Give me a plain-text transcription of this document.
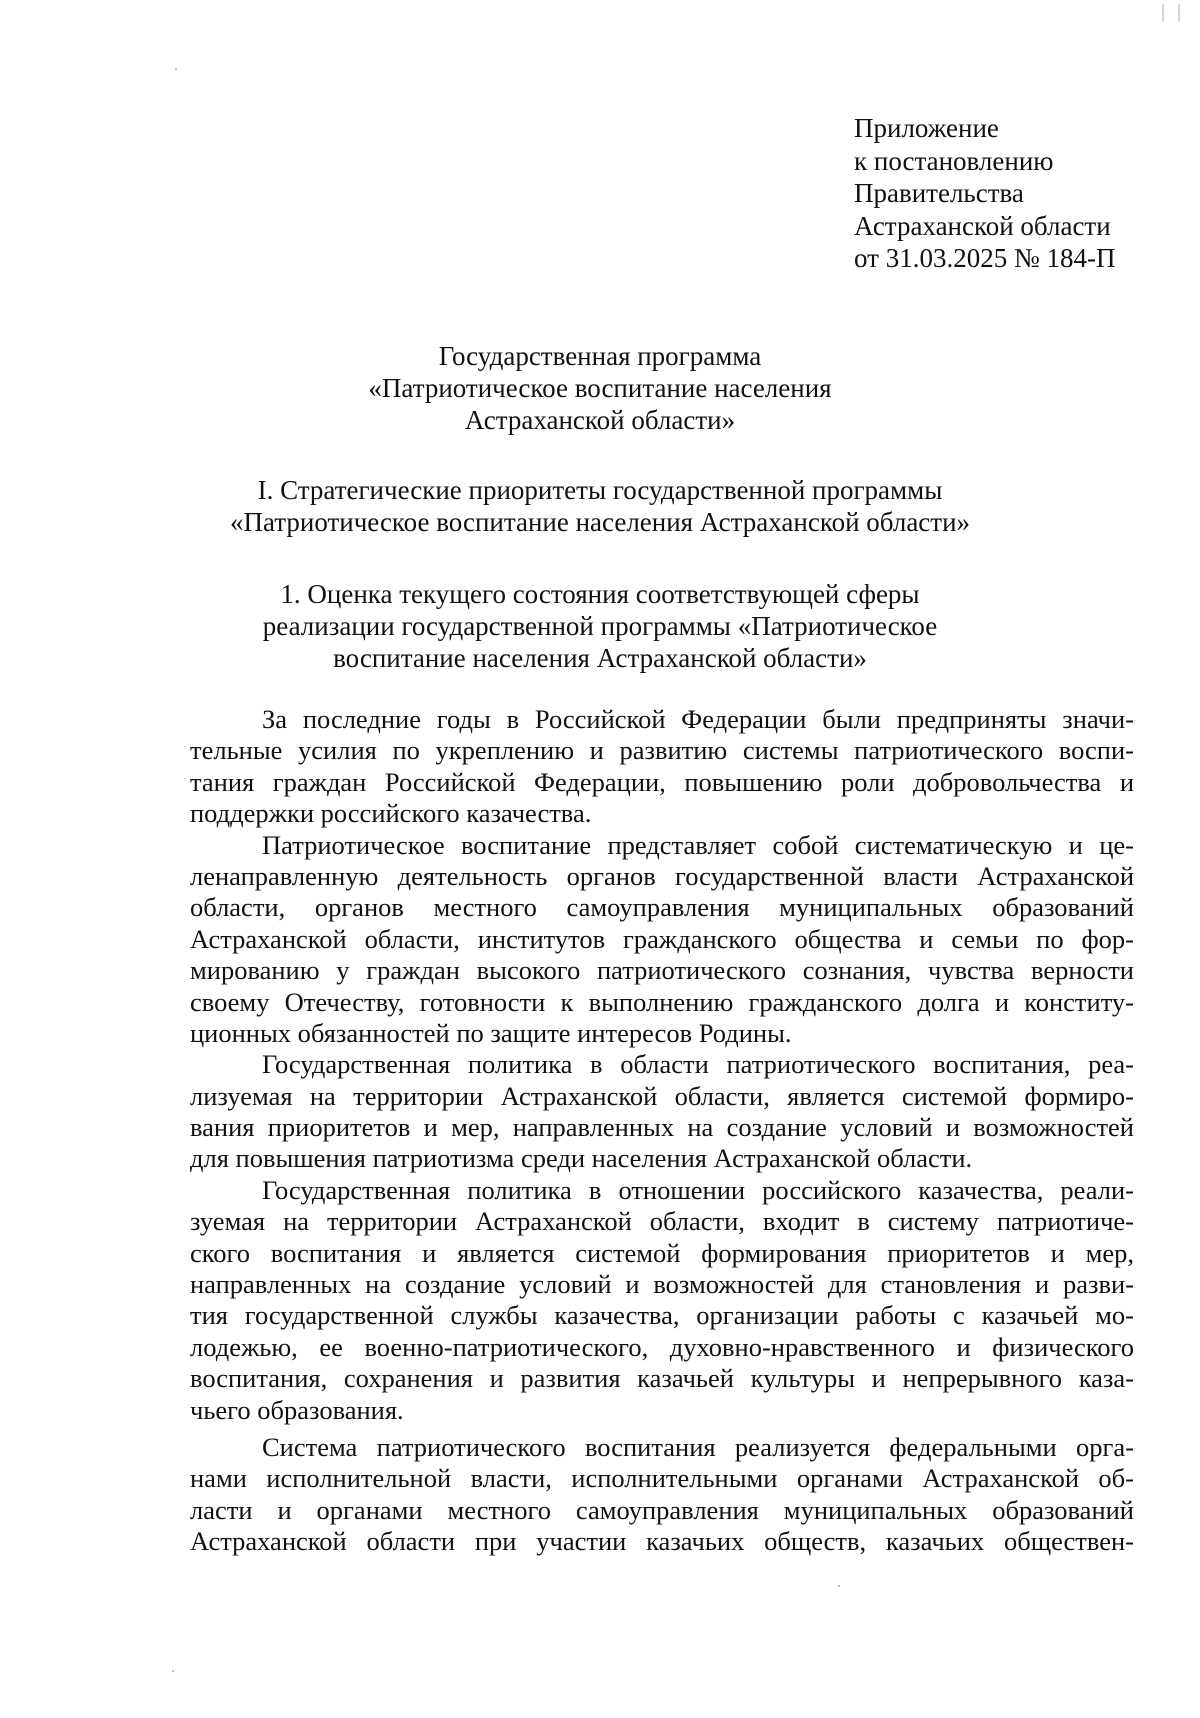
Приложение
к постановлению
Правительства
Астраханской области
от 31.03.2025 № 184-П
Государственная программа
«Патриотическое воспитание населения
Астраханской области»
I. Стратегические приоритеты государственной программы
«Патриотическое воспитание населения Астраханской области»
1. Оценка текущего состояния соответствующей сферы
реализации государственной программы «Патриотическое
воспитание населения Астраханской области»
За последние годы в Российской Федерации были предприняты значи-
тельные усилия по укреплению и развитию системы патриотического воспи-
тания граждан Российской Федерации, повышению роли добровольчества и
поддержки российского казачества.
Патриотическое воспитание представляет собой систематическую и це-
ленаправленную деятельность органов государственной власти Астраханской
области, органов местного самоуправления муниципальных образований
Астраханской области, институтов гражданского общества и семьи по фор-
мированию у граждан высокого патриотического сознания, чувства верности
своему Отечеству, готовности к выполнению гражданского долга и конститу-
ционных обязанностей по защите интересов Родины.
Государственная политика в области патриотического воспитания, реа-
лизуемая на территории Астраханской области, является системой формиро-
вания приоритетов и мер, направленных на создание условий и возможностей
для повышения патриотизма среди населения Астраханской области.
Государственная политика в отношении российского казачества, реали-
зуемая на территории Астраханской области, входит в систему патриотиче-
ского воспитания и является системой формирования приоритетов и мер,
направленных на создание условий и возможностей для становления и разви-
тия государственной службы казачества, организации работы с казачьей мо-
лодежью, ее военно-патриотического, духовно-нравственного и физического
воспитания, сохранения и развития казачьей культуры и непрерывного каза-
чьего образования.
Система патриотического воспитания реализуется федеральными орга-
нами исполнительной власти, исполнительными органами Астраханской об-
ласти и органами местного самоуправления муниципальных образований
Астраханской области при участии казачьих обществ, казачьих обществен-
